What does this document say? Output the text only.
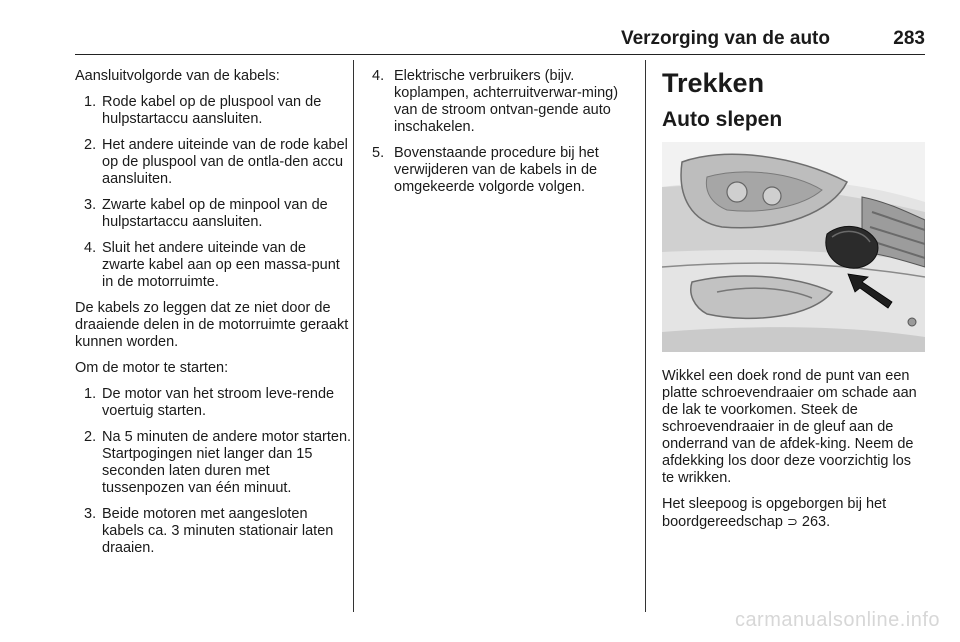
Verzorging van de auto	283

Aansluitvolgorde van de kabels:

1. Rode kabel op de pluspool van de hulpstartaccu aansluiten.
2. Het andere uiteinde van de rode kabel op de pluspool van de ontla-den accu aansluiten.
3. Zwarte kabel op de minpool van de hulpstartaccu aansluiten.
4. Sluit het andere uiteinde van de zwarte kabel aan op een massa-punt in de motorruimte.

De kabels zo leggen dat ze niet door de draaiende delen in de motorruimte geraakt kunnen worden.

Om de motor te starten:

1. De motor van het stroom leve-rende voertuig starten.
2. Na 5 minuten de andere motor starten. Startpogingen niet langer dan 15 seconden laten duren met tussenpozen van één minuut.
3. Beide motoren met aangesloten kabels ca. 3 minuten stationair laten draaien.
4. Elektrische verbruikers (bijv. koplampen, achterruitverwar-ming) van de stroom ontvan-gende auto inschakelen.
5. Bovenstaande procedure bij het verwijderen van de kabels in de omgekeerde volgorde volgen.
Trekken
Auto slepen

Wikkel een doek rond de punt van een platte schroevendraaier om schade aan de lak te voorkomen. Steek de schroevendraaier in de gleuf aan de onderrand van de afdek-king. Neem de afdekking los door deze voorzichtig los te wrikken.

Het sleepoog is opgeborgen bij het boordgereedschap ⊃ 263.

carmanualsonline.info
